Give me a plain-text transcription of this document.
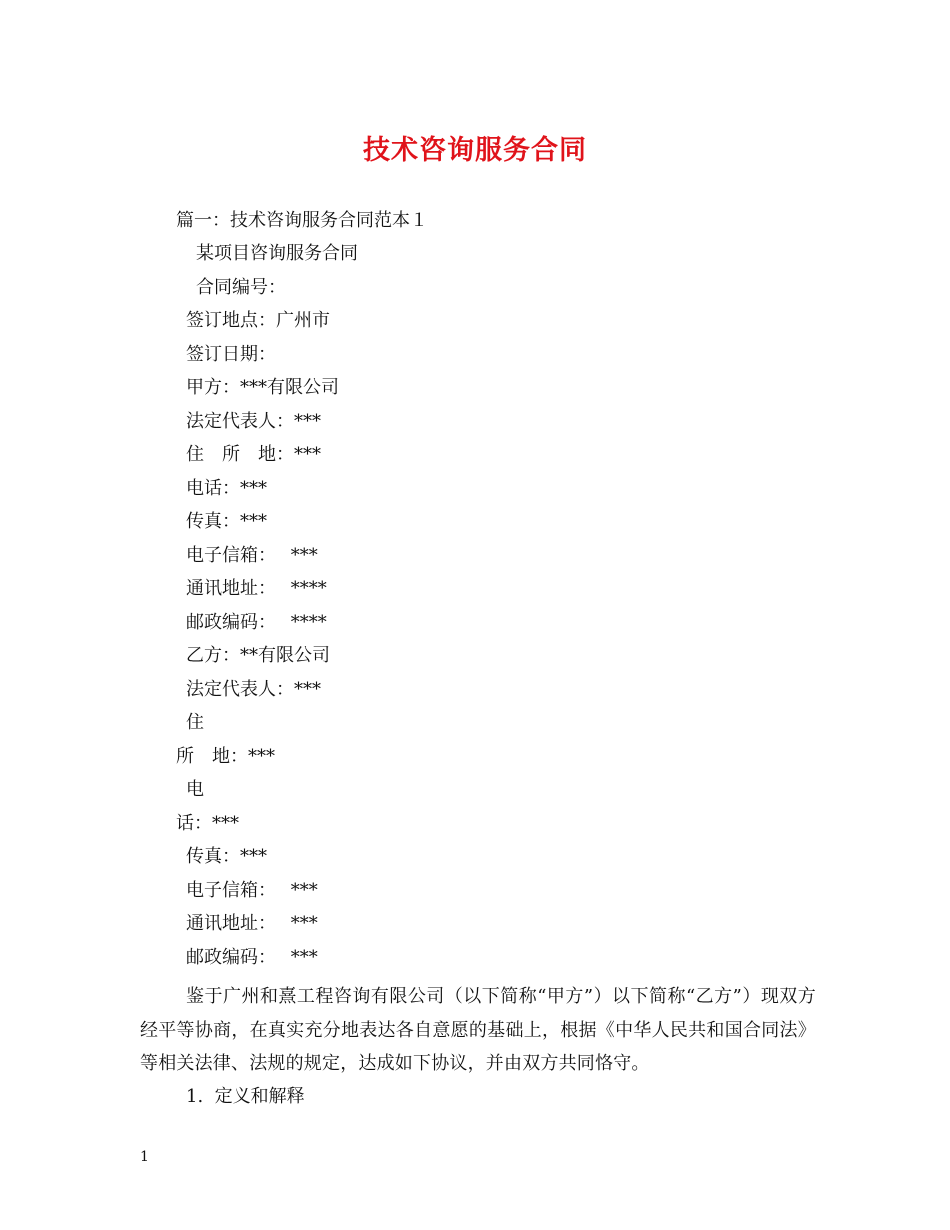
技术咨询服务合同
篇一：技术咨询服务合同范本１
某项目咨询服务合同
合同编号：
签订地点：广州市
签订日期：
甲方：***有限公司
法定代表人：***
住　所　地：***
电话：***
传真：***
电子信箱：　 ***
通讯地址：　 ****
邮政编码：　 ****
乙方：**有限公司
法定代表人：***
住
所　地：***
电
话：***
传真：***
电子信箱：　 ***
通讯地址：　 ***
邮政编码：　 ***
鉴于广州和熹工程咨询有限公司（以下简称“甲方”）以下简称“乙方”）现双方经平等协商，在真实充分地表达各自意愿的基础上，根据《中华人民共和国合同法》等相关法律、法规的规定，达成如下协议，并由双方共同恪守。
1.  定义和解释
1
